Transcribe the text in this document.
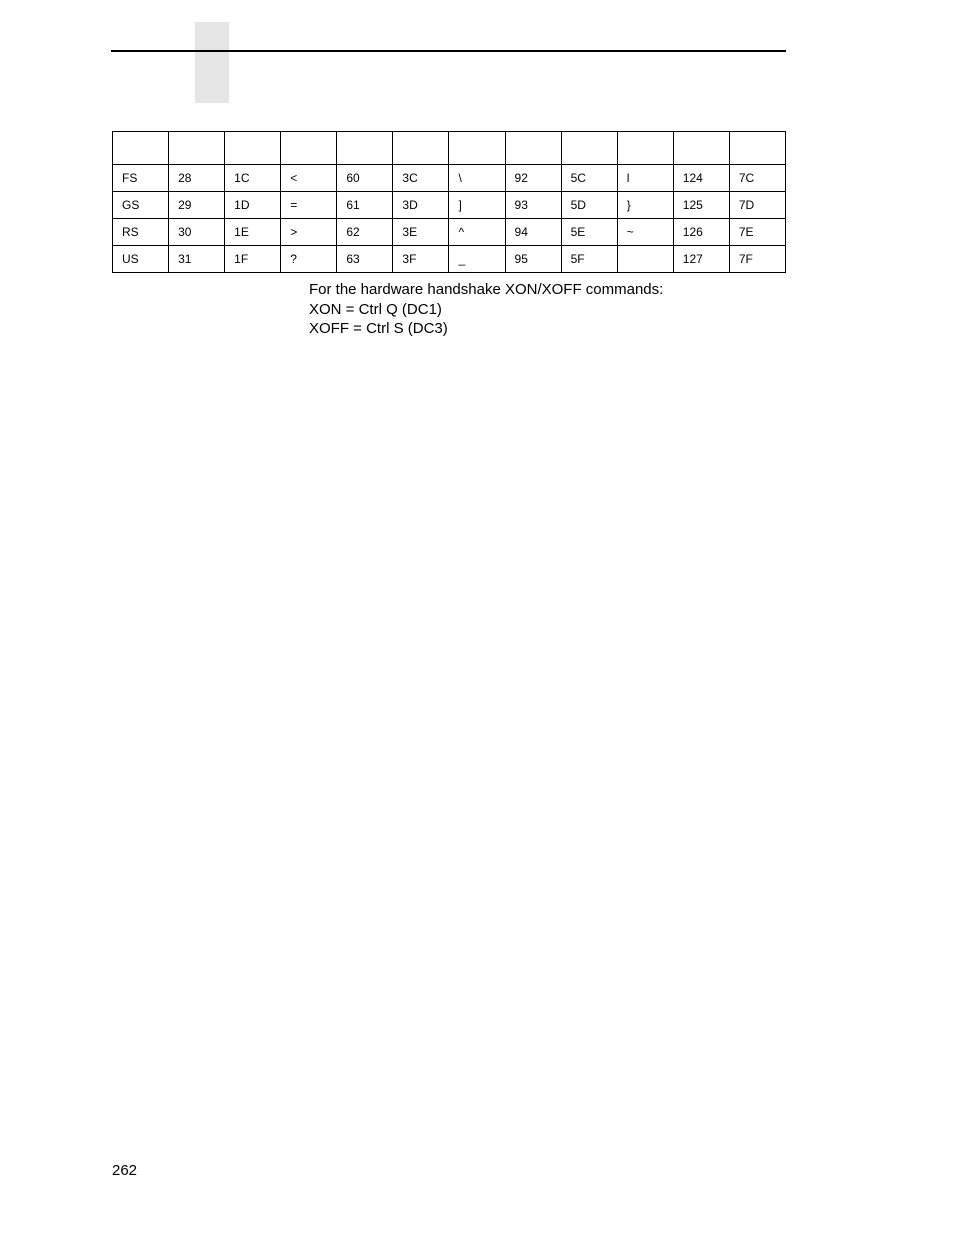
FS	28	1C	<	60	3C	\	92	5C	l	124	7C
GS	29	1D	=	61	3D	]	93	5D	}	125	7D
RS	30	1E	>	62	3E	^	94	5E	~	126	7E
US	31	1F	?	63	3F	_	95	5F		127	7F
For the hardware handshake XON/XOFF commands:
XON = Ctrl Q (DC1)
XOFF = Ctrl S (DC3)
262
